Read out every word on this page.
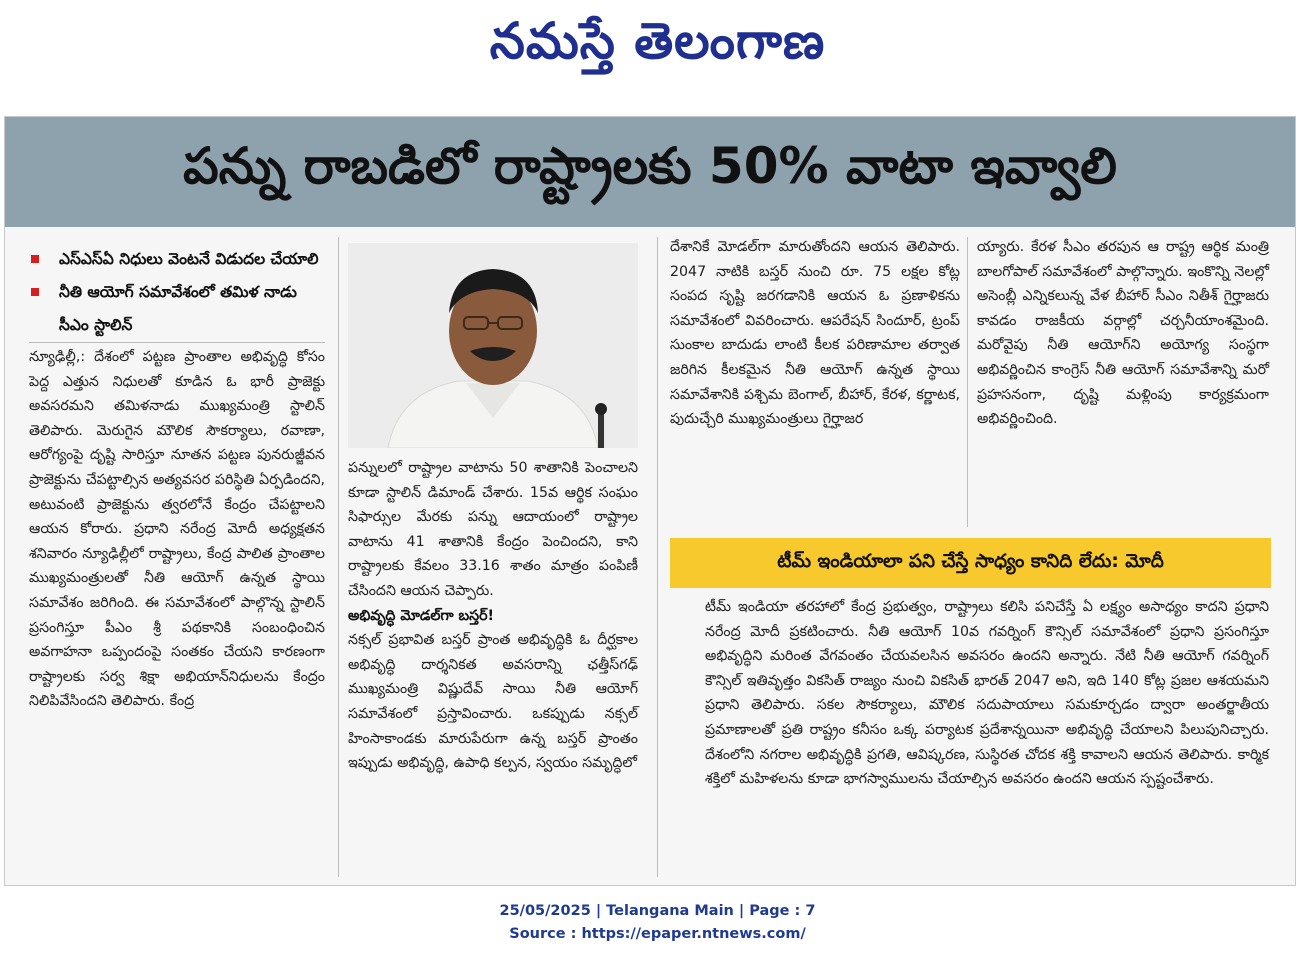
నమస్తే తెలంగాణ
పన్ను రాబడిలో రాష్ట్రాలకు 50% వాటా ఇవ్వాలి
ఎస్ఎస్ఏ నిధులు వెంటనే విడుదల చేయాలి
నీతి ఆయోగ్ సమావేశంలో తమిళ నాడు సీఎం స్టాలిన్

న్యూఢిల్లీ,: దేశంలో పట్టణ ప్రాంతాల అభివృద్ధి కోసం పెద్ద ఎత్తున నిధులతో కూడిన ఓ భారీ ప్రాజెక్టు అవసరమని తమిళనాడు ముఖ్యమంత్రి స్టాలిన్ తెలిపారు. మెరుగైన మౌలిక సౌకర్యాలు, రవాణా, ఆరోగ్యంపై దృష్టి సారిస్తూ నూతన పట్టణ పునరుజ్జీవన ప్రాజెక్టును చేపట్టాల్సిన అత్యవసర పరిస్థితి ఏర్పడిందని, అటువంటి ప్రాజెక్టును త్వరలోనే కేంద్రం చేపట్టాలని ఆయన కోరారు. ప్రధాని నరేంద్ర మోదీ అధ్యక్షతన శనివారం న్యూఢిల్లీలో రాష్ట్రాలు, కేంద్ర పాలిత ప్రాంతాల ముఖ్యమంత్రులతో నీతి ఆయోగ్ ఉన్నత స్థాయి సమావేశం జరిగింది. ఈ సమావేశంలో పాల్గొన్న స్టాలిన్ ప్రసంగిస్తూ పీఎం శ్రీ పథకానికి సంబంధించిన అవగాహనా ఒప్పందంపై సంతకం చేయని కారణంగా రాష్ట్రాలకు సర్వ శిక్షా అభియాన్‌నిధులను కేంద్రం నిలిపివేసిందని తెలిపారు. కేంద్ర

పన్నులలో రాష్ట్రాల వాటాను 50 శాతానికి పెంచాలని కూడా స్టాలిన్ డిమాండ్ చేశారు. 15వ ఆర్థిక సంఘం సిఫార్సుల మేరకు పన్ను ఆదాయంలో రాష్ట్రాల వాటాను 41 శాతానికి కేంద్రం పెంచిందని, కాని రాష్ట్రాలకు కేవలం 33.16 శాతం మాత్రం పంపిణీ చేసిందని ఆయన చెప్పారు.

అభివృద్ధి మోడల్‌గా బస్తర్!

నక్సల్ ప్రభావిత బస్తర్ ప్రాంత అభివృద్ధికి ఓ దీర్ఘకాల అభివృద్ధి దార్శనికత అవసరాన్ని ఛత్తీస్‌గఢ్ ముఖ్యమంత్రి విష్ణుదేవ్ సాయి నీతి ఆయోగ్ సమావేశంలో ప్రస్తావించారు. ఒకప్పుడు నక్సల్ హింసాకాండకు మారుపేరుగా ఉన్న బస్తర్ ప్రాంతం ఇప్పుడు అభివృద్ధి, ఉపాధి కల్పన, స్వయం సమృద్ధిలో

దేశానికే మోడల్‌గా మారుతోందని ఆయన తెలిపారు. 2047 నాటికి బస్తర్ నుంచి రూ. 75 లక్షల కోట్ల సంపద సృష్టి జరగడానికి ఆయన ఓ ప్రణాళికను సమావేశంలో వివరించారు. ఆపరేషన్ సిందూర్, ట్రంప్ సుంకాల బాదుడు లాంటి కీలక పరిణామాల తర్వాత జరిగిన కీలకమైన నీతి ఆయోగ్ ఉన్నత స్థాయి సమావేశానికి పశ్చిమ బెంగాల్, బీహార్, కేరళ, కర్ణాటక, పుదుచ్చేరి ముఖ్యమంత్రులు గైర్హాజర

య్యారు. కేరళ సీఎం తరపున ఆ రాష్ట్ర ఆర్థిక మంత్రి బాలగోపాల్ సమావేశంలో పాల్గొన్నారు. ఇంకొన్ని నెలల్లో అసెంబ్లీ ఎన్నికలున్న వేళ బీహార్ సీఎం నితీశ్ గైర్హాజరు కావడం రాజకీయ వర్గాల్లో చర్చనీయాంశమైంది. మరోవైపు నీతి ఆయోగ్‌ని అయోగ్య సంస్థగా అభివర్ణించిన కాంగ్రెస్ నీతి ఆయోగ్ సమావేశాన్ని మరో ప్రహసనంగా, దృష్టి మళ్లింపు కార్యక్రమంగా అభివర్ణించింది.

టీమ్ ఇండియాలా పని చేస్తే సాధ్యం కానిది లేదు: మోదీ

టీమ్ ఇండియా తరహాలో కేంద్ర ప్రభుత్వం, రాష్ట్రాలు కలిసి పనిచేస్తే ఏ లక్ష్యం అసాధ్యం కాదని ప్రధాని నరేంద్ర మోదీ ప్రకటించారు. నీతి ఆయోగ్ 10వ గవర్నింగ్ కౌన్సిల్ సమావేశంలో ప్రధాని ప్రసంగిస్తూ అభివృద్ధిని మరింత వేగవంతం చేయవలసిన అవసరం ఉందని అన్నారు. నేటి నీతి ఆయోగ్ గవర్నింగ్ కౌన్సిల్ ఇతివృత్తం వికసిత్ రాజ్యం నుంచి వికసిత్ భారత్ 2047 అని, ఇది 140 కోట్ల ప్రజల ఆశయమని ప్రధాని తెలిపారు. సకల సౌకర్యాలు, మౌలిక సదుపాయాలు సమకూర్చడం ద్వారా అంతర్జాతీయ ప్రమాణాలతో ప్రతి రాష్ట్రం కనీసం ఒక్క పర్యాటక ప్రదేశాన్నయినా అభివృద్ధి చేయాలని పిలుపునిచ్చారు. దేశంలోని నగరాల అభివృద్ధికి ప్రగతి, ఆవిష్కరణ, సుస్థిరత చోదక శక్తి కావాలని ఆయన తెలిపారు. కార్మిక శక్తిలో మహిళలను కూడా భాగస్వాములను చేయాల్సిన అవసరం ఉందని ఆయన స్పష్టంచేశారు.

25/05/2025 | Telangana Main | Page : 7
Source : https://epaper.ntnews.com/
